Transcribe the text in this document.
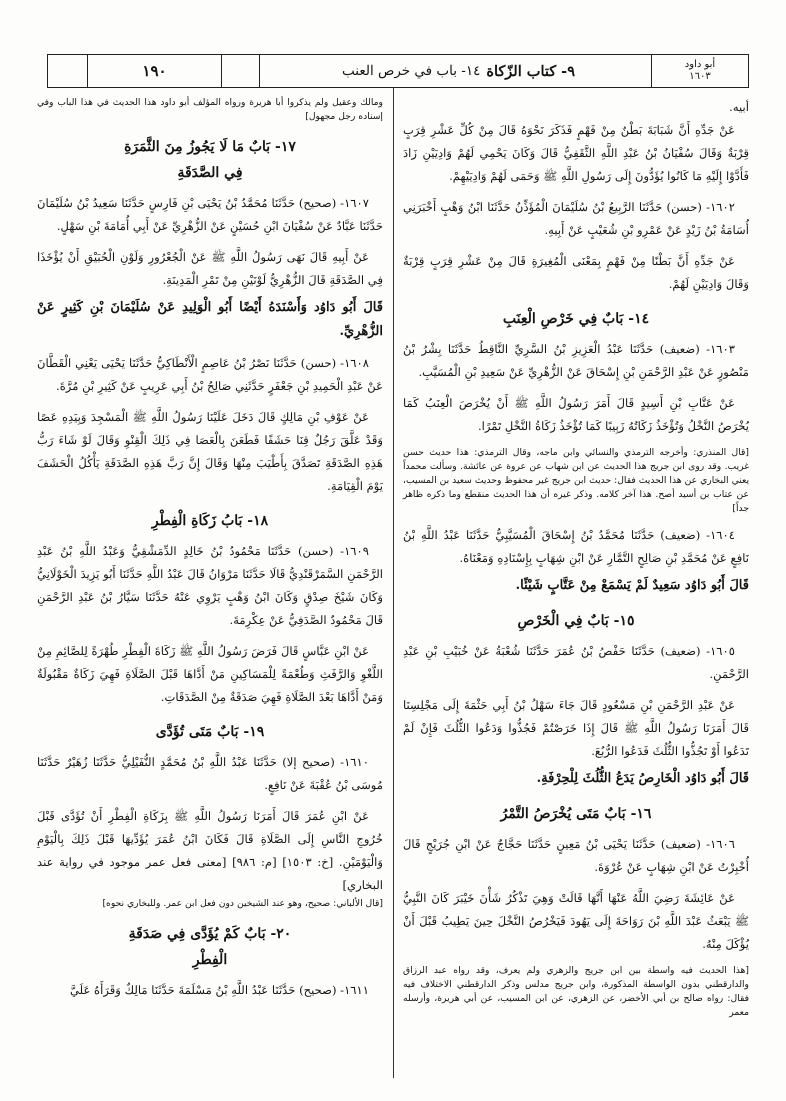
١٩٠	٩- كتاب الزّكاة
١٤- باب في خرص العنب	أبو داود
١٦٠٣

أبيه.

عَنْ جَدِّهِ أَنَّ شَبَابَةَ بَطْنٌ مِنْ فَهْمٍ فَذَكَرَ نَحْوَهُ قَالَ مِنْ كُلِّ عَشْرِ قِرَبٍ قِرْبَةٌ وَقَالَ سُفْيَانُ بْنُ عَبْدِ اللَّهِ الثَّقَفِيُّ قَالَ وَكَانَ يَحْمِي لَهُمْ وَادِيَيْنِ زَادَ فَأَدَّوْا إِلَيْهِ مَا كَانُوا يُؤَدُّونَ إِلَى رَسُولِ اللَّهِ ﷺ وَحَمَى لَهُمْ وَادِيَيْهِمْ.

١٦٠٢- (حسن) حَدَّثَنَا الرَّبِيعُ بْنُ سُلَيْمَانَ الْمُؤَذِّنُ حَدَّثَنَا ابْنُ وَهْبٍ أَخْبَرَنِي أُسَامَةُ بْنُ زَيْدٍ عَنْ عَمْرِو بْنِ شُعَيْبٍ عَنْ أَبِيهِ.

عَنْ جَدِّهِ أَنَّ بَطْنًا مِنْ فَهْمٍ بِمَعْنَى الْمُغِيرَةِ قَالَ مِنْ عَشْرِ قِرَبٍ قِرْبَةٌ وَقَالَ وَادِيَيْنِ لَهُمْ.

١٤- بَابٌ فِي خَرْصِ الْعِنَبِ

١٦٠٣- (ضعيف) حَدَّثَنَا عَبْدُ الْعَزِيزِ بْنُ السَّرِيِّ النَّاقِطُ حَدَّثَنَا بِشْرُ بْنُ مَنْصُورٍ عَنْ عَبْدِ الرَّحْمَنِ بْنِ إِسْحَاقَ عَنْ الزُّهْرِيِّ عَنْ سَعِيدِ بْنِ الْمُسَيَّبِ.

عَنْ عَتَّابِ بْنِ أَسِيدٍ قَالَ أَمَرَ رَسُولُ اللَّهِ ﷺ أَنْ يُخْرَصَ الْعِنَبُ كَمَا يُخْرَصُ النَّخْلُ وَتُؤْخَذُ زَكَاتُهُ زَبِيبًا كَمَا تُؤْخَذُ زَكَاةُ النَّخْلِ تَمْرًا.

[قال المنذري: وأخرجه الترمذي والنسائي وابن ماجه، وقال الترمذي: هذا حديث حسن غريب. وقد روى ابن جريج هذا الحديث عن ابن شهاب عن عروة عن عائشة. وسألت محمداً يعني البخاري عن هذا الحديث فقال: حديث ابن جريج غير محفوظ وحديث سعيد بن المسيب، عن عتاب بن أسيد أصح. هذا آخر كلامه. وذكر غيره أن هذا الحديث منقطع وما ذكره ظاهر جداً]

١٦٠٤- (ضعيف) حَدَّثَنَا مُحَمَّدُ بْنُ إِسْحَاقَ الْمُسَيَّبِيُّ حَدَّثَنَا عَبْدُ اللَّهِ بْنُ نَافِعٍ عَنْ مُحَمَّدِ بْنِ صَالِحٍ التَّمَّارِ عَنْ ابْنِ شِهَابٍ بِإِسْنَادِهِ وَمَعْنَاهُ.

قَالَ أَبُو دَاوُد سَعِيدٌ لَمْ يَسْمَعْ مِنْ عَتَّابٍ شَيْئًا.

١٥- بَابٌ فِي الْخَرْصِ

١٦٠٥- (ضعيف) حَدَّثَنَا حَفْصُ بْنُ عُمَرَ حَدَّثَنَا شُعْبَةُ عَنْ خُبَيْبِ بْنِ عَبْدِ الرَّحْمَنِ.

عَنْ عَبْدِ الرَّحْمَنِ بْنِ مَسْعُودٍ قَالَ جَاءَ سَهْلُ بْنُ أَبِي حَثْمَةَ إِلَى مَجْلِسِنَا قَالَ أَمَرَنَا رَسُولُ اللَّهِ ﷺ قَالَ إِذَا خَرَصْتُمْ فَجُذُّوا وَدَعُوا الثُّلُثَ فَإِنْ لَمْ تَدَعُوا أَوْ تَجُذُّوا الثُّلُثَ فَدَعُوا الرُّبُعَ.

قَالَ أَبُو دَاوُد الْخَارِصُ يَدَعُ الثُّلُثَ لِلْحِرْفَةِ.

١٦- بَابٌ مَتَى يُخْرَصُ التَّمْرُ

١٦٠٦- (ضعيف) حَدَّثَنَا يَحْيَى بْنُ مَعِينٍ حَدَّثَنَا حَجَّاجٌ عَنْ ابْنِ جُرَيْجٍ قَالَ أُخْبِرْتُ عَنْ ابْنِ شِهَابٍ عَنْ عُرْوَةَ.

عَنْ عَائِشَةَ رَضِيَ اللَّهُ عَنْهَا أَنَّهَا قَالَتْ وَهِيَ تَذْكُرُ شَأْنَ خَيْبَرَ كَانَ النَّبِيُّ ﷺ يَبْعَثُ عَبْدَ اللَّهِ بْنَ رَوَاحَةَ إِلَى يَهُودَ فَيَخْرُصُ النَّخْلَ حِينَ يَطِيبُ قَبْلَ أَنْ يُؤْكَلَ مِنْهُ.

[هذا الحديث فيه واسطة بين ابن جريج والزهري ولم يعرف، وقد رواه عبد الرزاق والدارقطني بدون الواسطة المذكورة، وابن جريج مدلس وذكر الدارقطني الاختلاف فيه فقال: رواه صالح بن أبي الأخضر، عن الزهري، عن ابن المسيب، عن أبي هريرة، وأرسله معمر

ومالك وعقيل ولم يذكروا أبا هريرة ورواه المؤلف أبو داود هذا الحديث في هذا الباب وفي إسناده رجل مجهول]

١٧- بَابٌ مَا لَا يَجُوزُ مِنَ الثَّمَرَةِ
فِي الصَّدَقَةِ

١٦٠٧- (صحيح) حَدَّثَنَا مُحَمَّدُ بْنُ يَحْيَى بْنِ فَارِسٍ حَدَّثَنَا سَعِيدُ بْنُ سُلَيْمَانَ حَدَّثَنَا عَبَّادٌ عَنْ سُفْيَانَ ابْنِ حُسَيْنٍ عَنْ الزُّهْرِيِّ عَنْ أَبِي أُمَامَةَ بْنِ سَهْلٍ.

عَنْ أَبِيهِ قَالَ نَهَى رَسُولُ اللَّهِ ﷺ عَنْ الْجُعْرُورِ وَلَوْنِ الْحُبَيْقِ أَنْ يُؤْخَذَا فِي الصَّدَقَةِ قَالَ الزُّهْرِيُّ لَوْنَيْنِ مِنْ تَمْرِ الْمَدِينَةِ.

قَالَ أَبُو دَاوُد وَأَسْنَدَهُ أَيْضًا أَبُو الْوَلِيدِ عَنْ سُلَيْمَانَ بْنِ كَثِيرٍ عَنْ الزُّهْرِيِّ.

١٦٠٨- (حسن) حَدَّثَنَا نَصْرُ بْنُ عَاصِمٍ الْأَنْطَاكِيُّ حَدَّثَنَا يَحْيَى يَعْنِي الْقَطَّانَ عَنْ عَبْدِ الْحَمِيدِ بْنِ جَعْفَرٍ حَدَّثَنِي صَالِحُ بْنُ أَبِي عَرِيبٍ عَنْ كَثِيرِ بْنِ مُرَّةَ.

عَنْ عَوْفِ بْنِ مَالِكٍ قَالَ دَخَلَ عَلَيْنَا رَسُولُ اللَّهِ ﷺ الْمَسْجِدَ وَبِيَدِهِ عَصًا وَقَدْ عَلَّقَ رَجُلٌ قِنَا حَشَفًا فَطَعَنَ بِالْعَصَا فِي ذَلِكَ الْقِنْوِ وَقَالَ لَوْ شَاءَ رَبُّ هَذِهِ الصَّدَقَةِ تَصَدَّقَ بِأَطْيَبَ مِنْهَا وَقَالَ إِنَّ رَبَّ هَذِهِ الصَّدَقَةِ يَأْكُلُ الْحَشَفَ يَوْمَ الْقِيَامَةِ.

١٨- بَابُ زَكَاةِ الْفِطْرِ

١٦٠٩- (حسن) حَدَّثَنَا مَحْمُودُ بْنُ خَالِدٍ الدِّمَشْقِيُّ وَعَبْدُ اللَّهِ بْنُ عَبْدِ الرَّحْمَنِ السَّمَرْقَنْدِيُّ قَالَا حَدَّثَنَا مَرْوَانُ قَالَ عَبْدُ اللَّهِ حَدَّثَنَا أَبُو يَزِيدَ الْخَوْلَانِيُّ وَكَانَ شَيْخَ صِدْقٍ وَكَانَ ابْنُ وَهْبٍ يَرْوِي عَنْهُ حَدَّثَنَا سَيَّارُ بْنُ عَبْدِ الرَّحْمَنِ قَالَ مَحْمُودٌ الصَّدَفِيُّ عَنْ عِكْرِمَةَ.

عَنْ ابْنِ عَبَّاسٍ قَالَ فَرَضَ رَسُولُ اللَّهِ ﷺ زَكَاةَ الْفِطْرِ طُهْرَةً لِلصَّائِمِ مِنْ اللَّغْوِ وَالرَّفَثِ وَطُعْمَةً لِلْمَسَاكِينِ مَنْ أَدَّاهَا قَبْلَ الصَّلَاةِ فَهِيَ زَكَاةٌ مَقْبُولَةٌ وَمَنْ أَدَّاهَا بَعْدَ الصَّلَاةِ فَهِيَ صَدَقَةٌ مِنْ الصَّدَقَاتِ.

١٩- بَابٌ مَتَى تُؤَدَّى

١٦١٠- (صحيح إلا) حَدَّثَنَا عَبْدُ اللَّهِ بْنُ مُحَمَّدٍ النُّفَيْلِيُّ حَدَّثَنَا زُهَيْرٌ حَدَّثَنَا مُوسَى بْنُ عُقْبَةَ عَنْ نَافِعٍ.

عَنْ ابْنِ عُمَرَ قَالَ أَمَرَنَا رَسُولُ اللَّهِ ﷺ بِزَكَاةِ الْفِطْرِ أَنْ تُؤَدَّى قَبْلَ خُرُوجِ النَّاسِ إِلَى الصَّلَاةِ قَالَ فَكَانَ ابْنُ عُمَرَ يُؤَدِّيهَا قَبْلَ ذَلِكَ بِالْيَوْمِ وَالْيَوْمَيْنِ. [خ: ١٥٠٣] [م: ٩٨٦] [معنى فعل عمر موجود في رواية عند البخاري]

[قال الألباني: صحيح، وهو عند الشيخين دون فعل ابن عمر. وللبخاري نحوه]

٢٠- بَابٌ كَمْ يُؤَدَّى فِي صَدَقَةِ
الْفِطْرِ

١٦١١- (صحيح) حَدَّثَنَا عَبْدُ اللَّهِ بْنُ مَسْلَمَةَ حَدَّثَنَا مَالِكٌ وَقَرَأَهُ عَلَيَّ
